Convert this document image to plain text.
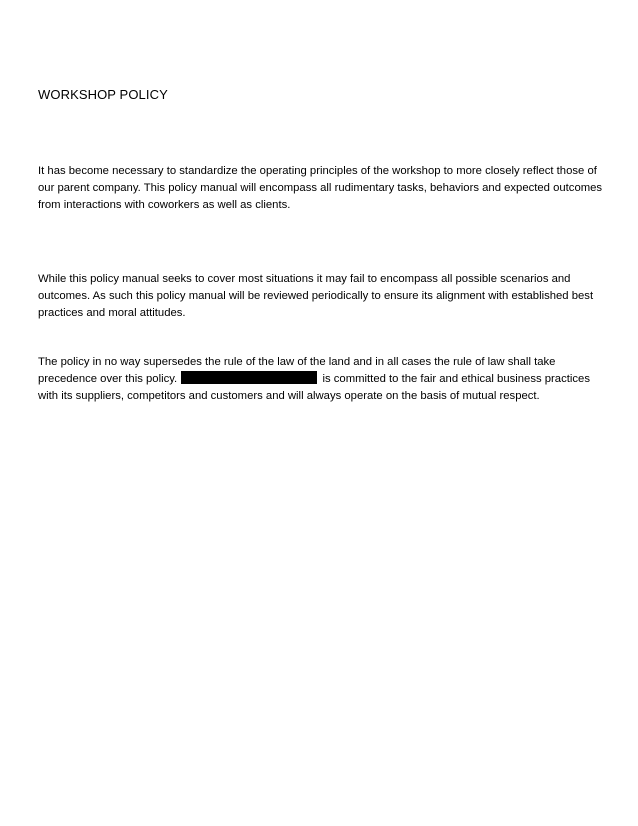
WORKSHOP POLICY

It has become necessary to standardize the operating principles of the workshop to more closely reflect those of our parent company. This policy manual will encompass all rudimentary tasks, behaviors and expected outcomes from interactions with coworkers as well as clients.

While this policy manual seeks to cover most situations it may fail to encompass all possible scenarios and outcomes. As such this policy manual will be reviewed periodically to ensure its alignment with established best practices and moral attitudes.

The policy in no way supersedes the rule of the law of the land and in all cases the rule of law shall take precedence over this policy.	is committed to the fair and ethical business practices with its suppliers, competitors and customers and will always operate on the basis of mutual respect.
